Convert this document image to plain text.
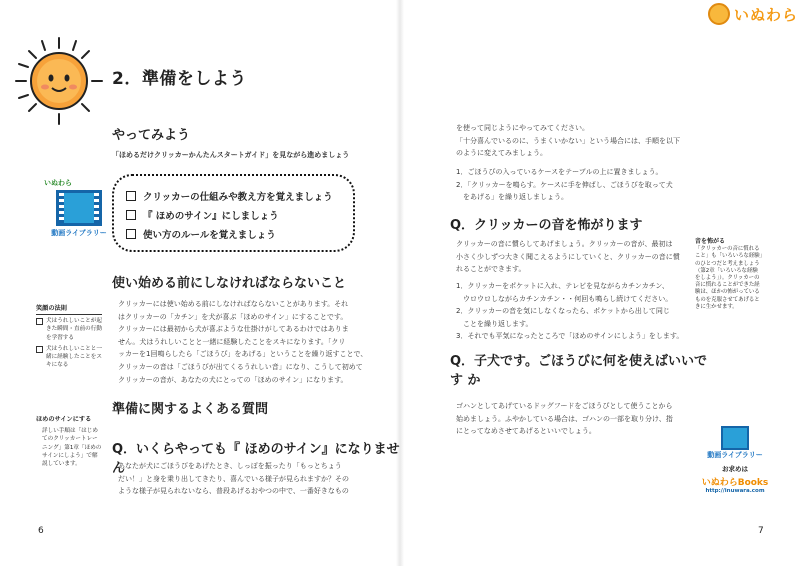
2．準備をしよう
やってみよう
「ほめるだけクリッカーかんたんスタートガイド」を見ながら進めましょう
クリッカーの仕組みや教え方を覚えましょう
『 ほめのサイン』にしましょう
使い方のルールを覚えましょう
いぬわら
動画ライブラリー
使い始める前にしなければならないこと
クリッカーには使い始める前にしなければならないことがあります。それ
はクリッカーの「カチン」を犬が喜ぶ「ほめのサイン」にすることです。
クリッカーには最初から犬が喜ぶような仕掛けがしてあるわけではありま
せん。犬はうれしいことと一緒に経験したことをスキになります。「クリ
ッカーを1回鳴らしたら「ごほうび」をあげる」ということを繰り返すことで、
クリッカーの音は「ごほうびが出てくるうれしい音」になり、こうして初めて
クリッカーの音が、あなたの犬にとっての「ほめのサイン」になります。
笑顔の法則
犬はうれしいことが起きた瞬間・直前の行動を学習する
犬はうれしいことと一緒に経験したことをスキになる
ほめのサインにする
詳しい手順は「はじめてのクリッカートレーニング」第1章「ほめのサインにしよう」で解説しています。
準備に関するよくある質問
Q．いくらやっても『 ほめのサイン』になりません
あなたが犬にごほうびをあげたとき、しっぽを振ったり「もっとちょう
だい！」と身を乗り出してきたり、喜んでいる様子が見られますか？その
ような様子が見られないなら、普段あげるおやつの中で、一番好きなもの
6
いぬわら
を使って同じようにやってみてください。
「十分喜んでいるのに、うまくいかない」という場合には、手順を以下
のように変えてみましょう。
1．ごほうびの入っているケースをテーブルの上に置きましょう。
2．「クリッカーを鳴らす。ケースに手を伸ばし、ごほうびを取って犬
　をあげる」を繰り返しましょう。
Q．クリッカーの音を怖がります
クリッカーの音に慣らしてあげましょう。クリッカーの音が、最初は
小さく少しずつ大きく聞こえるようにしていくと、クリッカーの音に慣
れることができます。
1．クリッカーをポケットに入れ、テレビを見ながらカチンカチン、
　ウロウロしながらカチンカチン・・何回も鳴らし続けてください。
2．クリッカーの音を気にしなくなったら、ポケットから出して同じ
　ことを繰り返します。
3．それでも平気になったところで「ほめのサインにしよう」をします。
Q．子犬です。ごほうびに何を使えばいいです か
ゴハンとしてあげているドッグフードをごほうびとして使うことから
始めましょう。ふやかしている場合は、ゴハンの一部を取り分け、指
にとってなめさせてあげるといいでしょう。
7
音を怖がる
「クリッカーの音に慣れること」も「いろいろな経験」のひとつだと考えましょう（第2章「いろいろな経験をしよう」）。クリッカーの音に慣れることができた経験は、ほかの怖がっているものを克服させてあげるときに生かせます。
動画ライブラリー
お求めは
いぬわらBooks
http://inuwara.com
